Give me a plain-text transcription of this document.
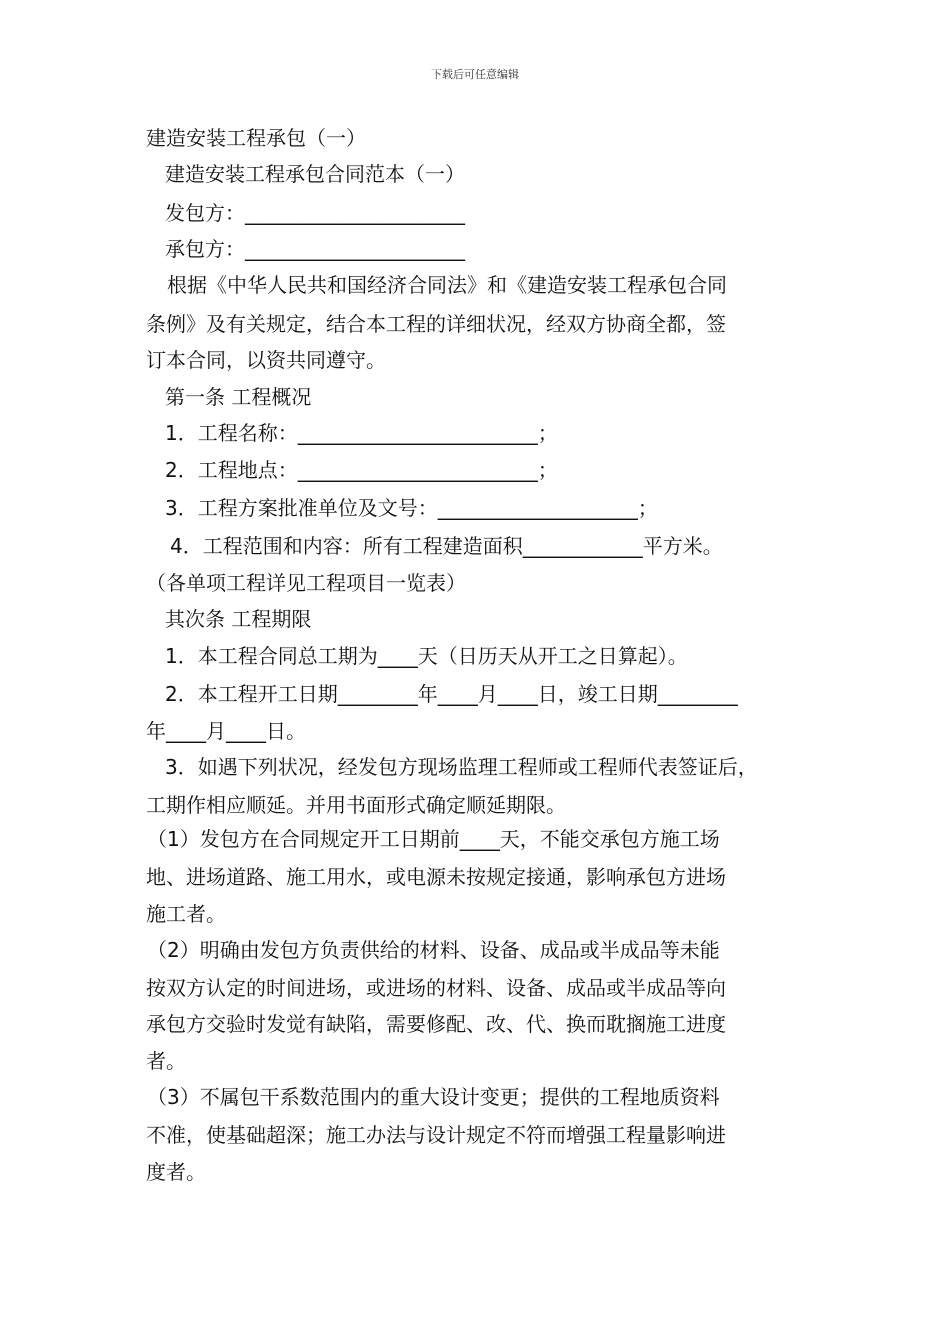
下载后可任意编辑
建造安装工程承包（一）
建造安装工程承包合同范本（一）
发包方：______________________
承包方：______________________
根据《中华人民共和国经济合同法》和《建造安装工程承包合同
条例》及有关规定，结合本工程的详细状况，经双方协商全都，签
订本合同，以资共同遵守。
第一条 工程概况
1．工程名称：________________________；
2．工程地点：________________________；
3．工程方案批准单位及文号：____________________；
4．工程范围和内容：所有工程建造面积____________平方米。
（各单项工程详见工程项目一览表）
其次条 工程期限
1．本工程合同总工期为____天（日历天从开工之日算起）。
2．本工程开工日期________年____月____日，竣工日期________
年____月____日。
3．如遇下列状况，经发包方现场监理工程师或工程师代表签证后，
工期作相应顺延。并用书面形式确定顺延期限。
（1）发包方在合同规定开工日期前____天，不能交承包方施工场
地、进场道路、施工用水，或电源未按规定接通，影响承包方进场
施工者。
（2）明确由发包方负责供给的材料、设备、成品或半成品等未能
按双方认定的时间进场，或进场的材料、设备、成品或半成品等向
承包方交验时发觉有缺陷，需要修配、改、代、换而耽搁施工进度
者。
（3）不属包干系数范围内的重大设计变更；提供的工程地质资料
不准，使基础超深；施工办法与设计规定不符而增强工程量影响进
度者。
